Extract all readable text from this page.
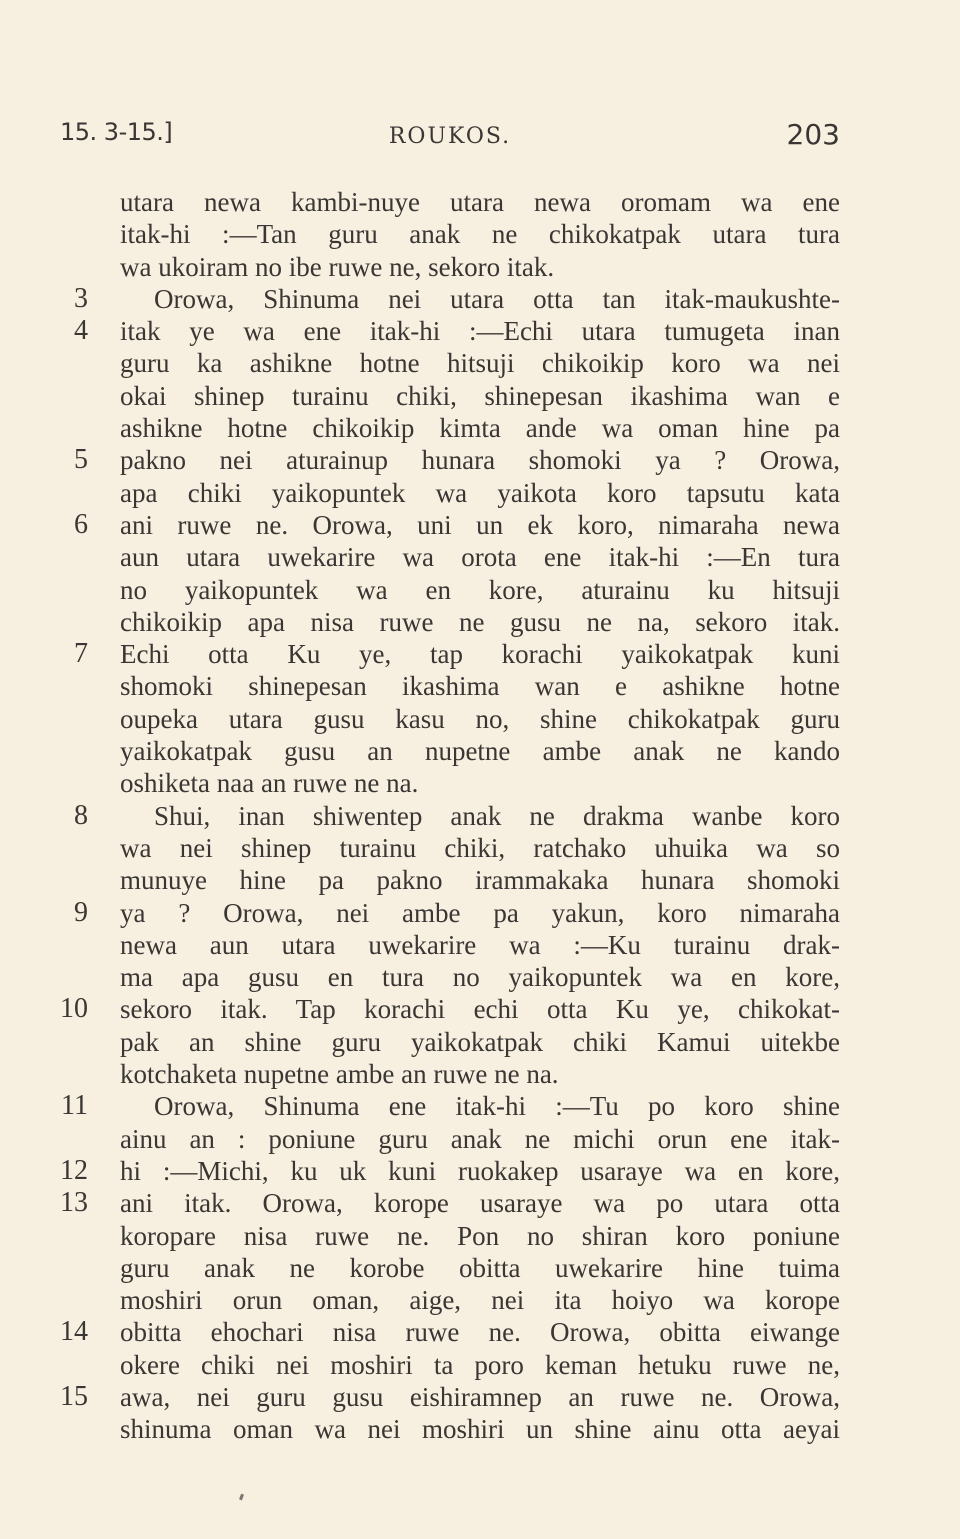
15. 3-15.]	ROUKOS.	203
utara newa kambi-nuye utara newa oromam wa ene
itak-hi :—Tan guru anak ne chikokatpak utara tura
wa ukoiram no ibe ruwe ne, sekoro itak.
3 Orowa, Shinuma nei utara otta tan itak-maukushte-
4 itak ye wa ene itak-hi :—Echi utara tumugeta inan
guru ka ashikne hotne hitsuji chikoikip koro wa nei
okai shinep turainu chiki, shinepesan ikashima wan e
ashikne hotne chikoikip kimta ande wa oman hine pa
5 pakno nei aturainup hunara shomoki ya ? Orowa,
apa chiki yaikopuntek wa yaikota koro tapsutu kata
6 ani ruwe ne. Orowa, uni un ek koro, nimaraha newa
aun utara uwekarire wa orota ene itak-hi :—En tura
no yaikopuntek wa en kore, aturainu ku hitsuji
chikoikip apa nisa ruwe ne gusu ne na, sekoro itak.
7 Echi otta Ku ye, tap korachi yaikokatpak kuni
shomoki shinepesan ikashima wan e ashikne hotne
oupeka utara gusu kasu no, shine chikokatpak guru
yaikokatpak gusu an nupetne ambe anak ne kando
oshiketa naa an ruwe ne na.
8 Shui, inan shiwentep anak ne drakma wanbe koro
wa nei shinep turainu chiki, ratchako uhuika wa so
munuye hine pa pakno irammakaka hunara shomoki
9 ya ? Orowa, nei ambe pa yakun, koro nimaraha
newa aun utara uwekarire wa :—Ku turainu drak-
ma apa gusu en tura no yaikopuntek wa en kore,
10 sekoro itak. Tap korachi echi otta Ku ye, chikokat-
pak an shine guru yaikokatpak chiki Kamui uitekbe
kotchaketa nupetne ambe an ruwe ne na.
11 Orowa, Shinuma ene itak-hi :—Tu po koro shine
ainu an : poniune guru anak ne michi orun ene itak-
12 hi :—Michi, ku uk kuni ruokakep usaraye wa en kore,
13 ani itak. Orowa, korope usaraye wa po utara otta
koropare nisa ruwe ne. Pon no shiran koro poniune
guru anak ne korobe obitta uwekarire hine tuima
moshiri orun oman, aige, nei ita hoiyo wa korope
14 obitta ehochari nisa ruwe ne. Orowa, obitta eiwange
okere chiki nei moshiri ta poro keman hetuku ruwe ne,
15 awa, nei guru gusu eishiramnep an ruwe ne. Orowa,
shinuma oman wa nei moshiri un shine ainu otta aeyai
